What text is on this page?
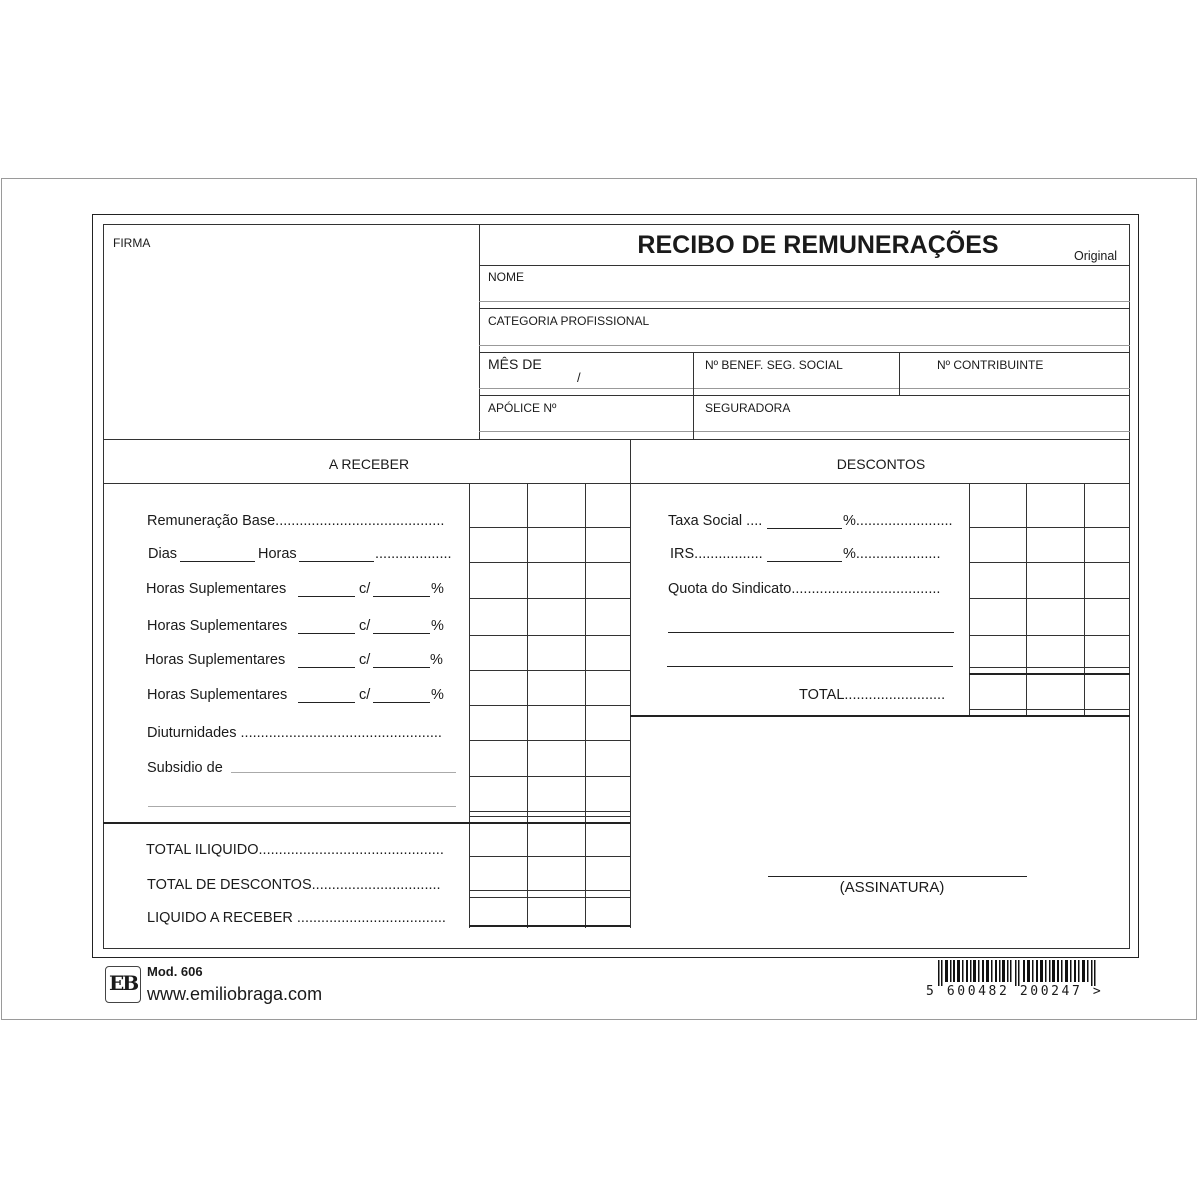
FIRMA	RECIBO DE REMUNERAÇÕES	Original
NOME
CATEGORIA PROFISSIONAL
MÊS DE
/
Nº BENEF. SEG. SOCIAL	Nº CONTRIBUINTE
APÓLICE Nº	SEGURADORA
A RECEBER	DESCONTOS
Remuneração Base..........................................
Dias	Horas	...................
Horas Suplementares	c/	%
Horas Suplementares	c/	%
Horas Suplementares	c/	%
Horas Suplementares	c/	%
Diuturnidades ..................................................
Subsidio de
TOTAL ILIQUIDO..............................................
TOTAL DE DESCONTOS................................
LIQUIDO A RECEBER .....................................
Taxa Social ....	%........................
IRS.................	%.....................
Quota do Sindicato.....................................
TOTAL.........................
(ASSINATURA)
EB Mod. 606
www.emiliobraga.com	5 600482 200247 >
